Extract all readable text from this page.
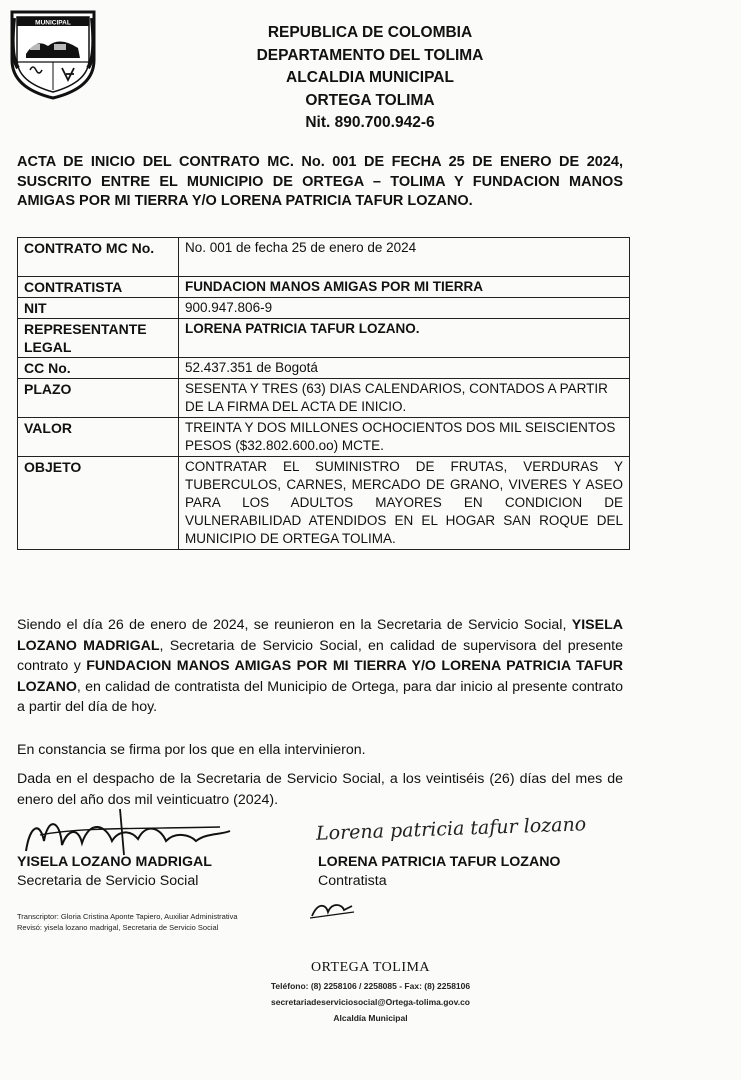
MUNICIPAL
REPUBLICA DE COLOMBIA
DEPARTAMENTO DEL TOLIMA
ALCALDIA MUNICIPAL
ORTEGA TOLIMA
Nit. 890.700.942-6
ACTA DE INICIO DEL CONTRATO MC. No. 001 DE FECHA 25 DE ENERO DE 2024, SUSCRITO ENTRE EL MUNICIPIO DE ORTEGA – TOLIMA Y FUNDACION MANOS AMIGAS POR MI TIERRA Y/O LORENA PATRICIA TAFUR LOZANO.
CONTRATO MC No.	No. 001 de fecha 25 de enero de 2024
CONTRATISTA	FUNDACION MANOS AMIGAS POR MI TIERRA
NIT	900.947.806-9
REPRESENTANTE LEGAL	LORENA PATRICIA TAFUR LOZANO.
CC No.	52.437.351 de Bogotá
PLAZO	SESENTA Y TRES (63) DIAS CALENDARIOS, CONTADOS A PARTIR DE LA FIRMA DEL ACTA DE INICIO.
VALOR	TREINTA Y DOS MILLONES OCHOCIENTOS DOS MIL SEISCIENTOS PESOS ($32.802.600.oo) MCTE.
OBJETO	CONTRATAR EL SUMINISTRO DE FRUTAS, VERDURAS Y TUBERCULOS, CARNES, MERCADO DE GRANO, VIVERES Y ASEO PARA LOS ADULTOS MAYORES EN CONDICION DE VULNERABILIDAD ATENDIDOS EN EL HOGAR SAN ROQUE DEL MUNICIPIO DE ORTEGA TOLIMA.
Siendo el día 26 de enero de 2024, se reunieron en la Secretaria de Servicio Social, YISELA LOZANO MADRIGAL, Secretaria de Servicio Social, en calidad de supervisora del presente contrato y FUNDACION MANOS AMIGAS POR MI TIERRA Y/O LORENA PATRICIA TAFUR LOZANO, en calidad de contratista del Municipio de Ortega, para dar inicio al presente contrato a partir del día de hoy.
En constancia se firma por los que en ella intervinieron.
Dada en el despacho de la Secretaria de Servicio Social, a los veintiséis (26) días del mes de enero del año dos mil veinticuatro (2024).
Lorena patricia tafur lozano
YISELA LOZANO MADRIGAL
Secretaria de Servicio Social
LORENA PATRICIA TAFUR LOZANO
Contratista
Transcriptor: Gloria Cristina Aponte Tapiero, Auxiliar Administrativa
Revisó: yisela lozano madrigal, Secretaria de Servicio Social
ORTEGA TOLIMA
Teléfono: (8) 2258106 / 2258085 - Fax: (8) 2258106
secretariadeserviciosocial@Ortega-tolima.gov.co
Alcaldía Municipal
